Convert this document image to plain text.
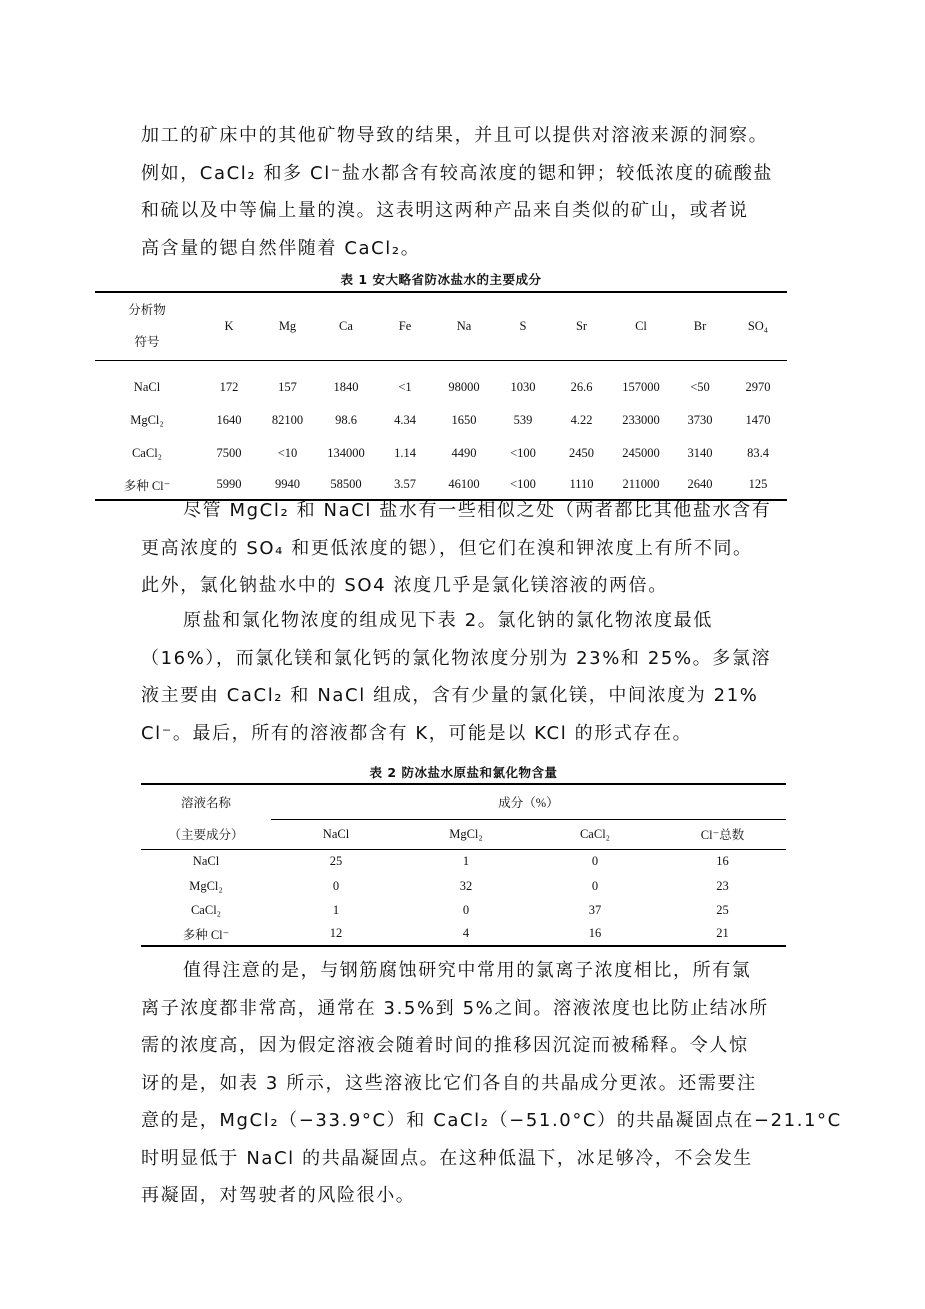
加工的矿床中的其他矿物导致的结果，并且可以提供对溶液来源的洞察。
例如，CaCl₂ 和多 Cl⁻盐水都含有较高浓度的锶和钾；较低浓度的硫酸盐
和硫以及中等偏上量的溴。这表明这两种产品来自类似的矿山，或者说
高含量的锶自然伴随着 CaCl₂。
表 1 安大略省防冰盐水的主要成分
分析物
符号	K	Mg	Ca	Fe	Na	S	Sr	Cl	Br	SO₄
NaCl	172	157	1840	<1	98000	1030	26.6	157000	<50	2970
MgCl₂	1640	82100	98.6	4.34	1650	539	4.22	233000	3730	1470
CaCl₂	7500	<10	134000	1.14	4490	<100	2450	245000	3140	83.4
多种 Cl⁻	5990	9940	58500	3.57	46100	<100	1110	211000	2640	125
尽管 MgCl₂ 和 NaCl 盐水有一些相似之处（两者都比其他盐水含有
更高浓度的 SO₄ 和更低浓度的锶），但它们在溴和钾浓度上有所不同。
此外，氯化钠盐水中的 SO4 浓度几乎是氯化镁溶液的两倍。
原盐和氯化物浓度的组成见下表 2。氯化钠的氯化物浓度最低
（16%），而氯化镁和氯化钙的氯化物浓度分别为 23%和 25%。多氯溶
液主要由 CaCl₂ 和 NaCl 组成，含有少量的氯化镁，中间浓度为 21%
Cl⁻。最后，所有的溶液都含有 K，可能是以 KCl 的形式存在。
表 2 防冰盐水原盐和氯化物含量
溶液名称	成分（%）			
（主要成分）	NaCl	MgCl₂	CaCl₂	Cl⁻总数
NaCl	25	1	0	16
MgCl₂	0	32	0	23
CaCl₂	1	0	37	25
多种 Cl⁻	12	4	16	21
值得注意的是，与钢筋腐蚀研究中常用的氯离子浓度相比，所有氯
离子浓度都非常高，通常在 3.5%到 5%之间。溶液浓度也比防止结冰所
需的浓度高，因为假定溶液会随着时间的推移因沉淀而被稀释。令人惊
讶的是，如表 3 所示，这些溶液比它们各自的共晶成分更浓。还需要注
意的是，MgCl₂（−33.9°C）和 CaCl₂（−51.0°C）的共晶凝固点在−21.1°C
时明显低于 NaCl 的共晶凝固点。在这种低温下，冰足够冷，不会发生
再凝固，对驾驶者的风险很小。
